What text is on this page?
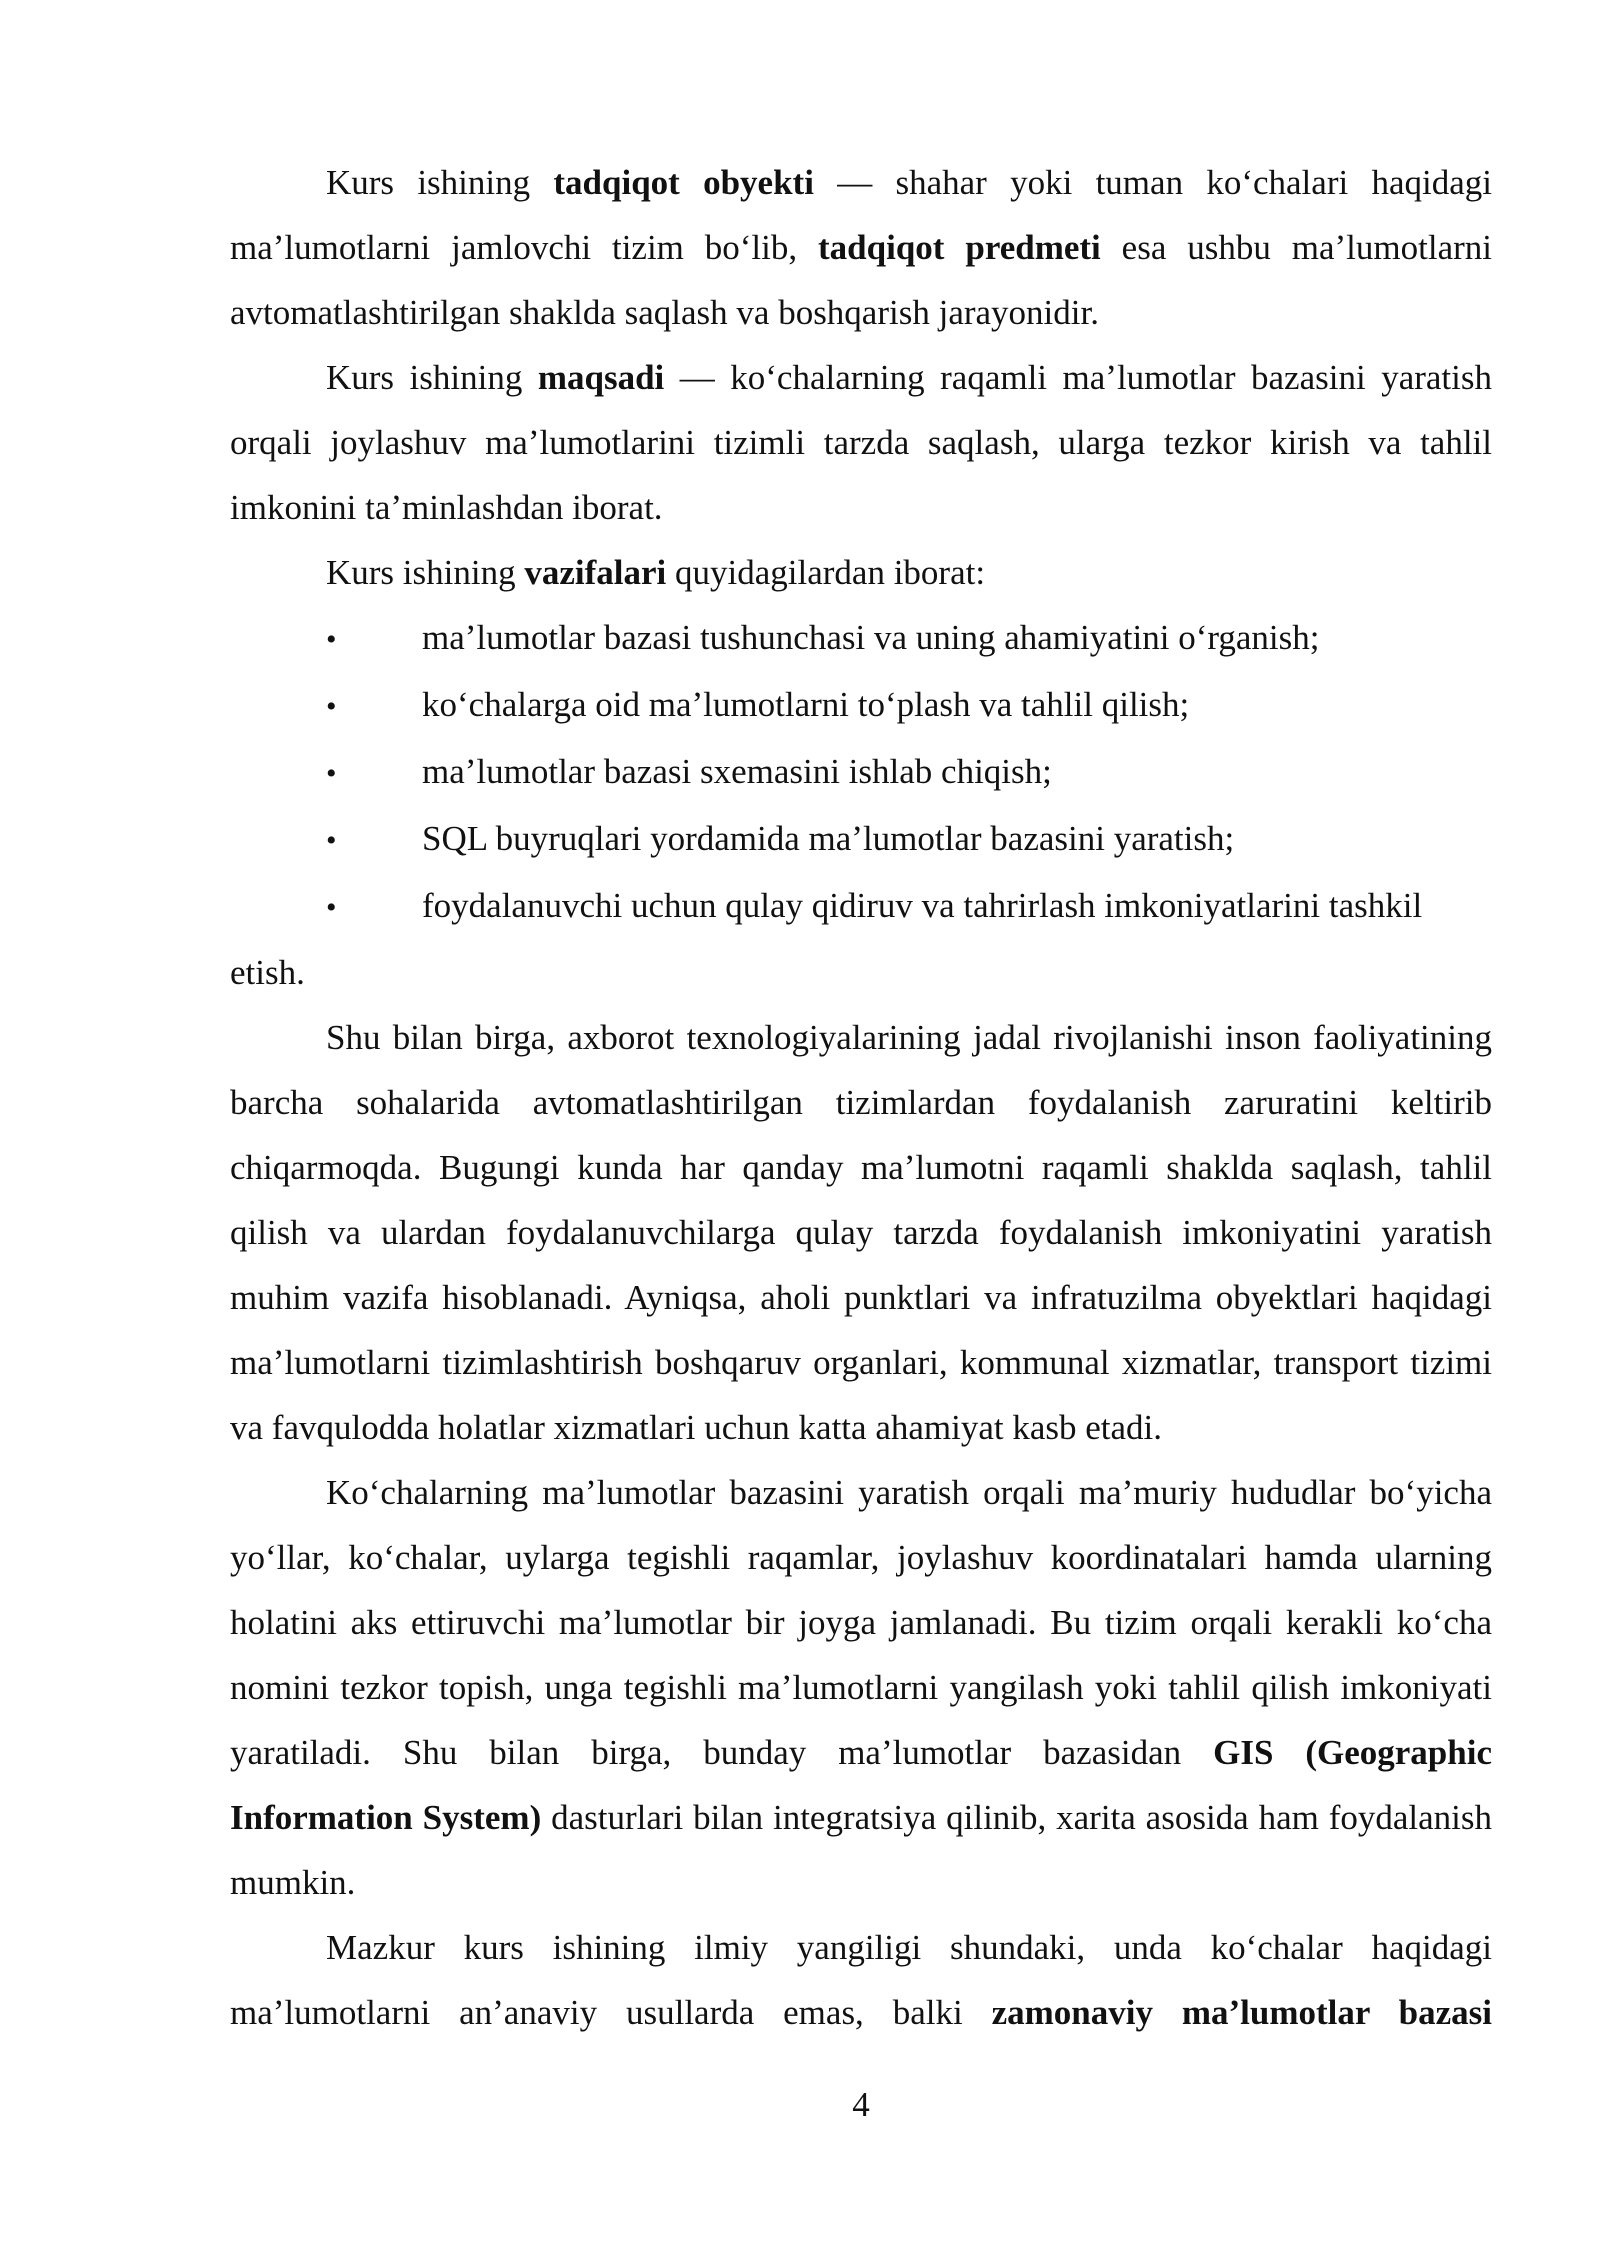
Kurs ishining tadqiqot obyekti — shahar yoki tuman koʻchalari haqidagi maʼlumotlarni jamlovchi tizim boʻlib, tadqiqot predmeti esa ushbu maʼlumotlarni avtomatlashtirilgan shaklda saqlash va boshqarish jarayonidir.

Kurs ishining maqsadi — koʻchalarning raqamli maʼlumotlar bazasini yaratish orqali joylashuv maʼlumotlarini tizimli tarzda saqlash, ularga tezkor kirish va tahlil imkonini taʼminlashdan iborat.

Kurs ishining vazifalari quyidagilardan iborat:

•	maʼlumotlar bazasi tushunchasi va uning ahamiyatini oʻrganish;
•	koʻchalarga oid maʼlumotlarni toʻplash va tahlil qilish;
•	maʼlumotlar bazasi sxemasini ishlab chiqish;
•	SQL buyruqlari yordamida maʼlumotlar bazasini yaratish;
•	foydalanuvchi uchun qulay qidiruv va tahrirlash imkoniyatlarini tashkil

etish.

Shu bilan birga, axborot texnologiyalarining jadal rivojlanishi inson faoliyatining barcha sohalarida avtomatlashtirilgan tizimlardan foydalanish zaruratini keltirib chiqarmoqda. Bugungi kunda har qanday maʼlumotni raqamli shaklda saqlash, tahlil qilish va ulardan foydalanuvchilarga qulay tarzda foydalanish imkoniyatini yaratish muhim vazifa hisoblanadi. Ayniqsa, aholi punktlari va infratuzilma obyektlari haqidagi maʼlumotlarni tizimlashtirish boshqaruv organlari, kommunal xizmatlar, transport tizimi va favqulodda holatlar xizmatlari uchun katta ahamiyat kasb etadi.

Koʻchalarning maʼlumotlar bazasini yaratish orqali maʼmuriy hududlar boʻyicha yoʻllar, koʻchalar, uylarga tegishli raqamlar, joylashuv koordinatalari hamda ularning holatini aks ettiruvchi maʼlumotlar bir joyga jamlanadi. Bu tizim orqali kerakli koʻcha nomini tezkor topish, unga tegishli maʼlumotlarni yangilash yoki tahlil qilish imkoniyati yaratiladi. Shu bilan birga, bunday maʼlumotlar bazasidan GIS (Geographic Information System) dasturlari bilan integratsiya qilinib, xarita asosida ham foydalanish mumkin.

Mazkur kurs ishining ilmiy yangiligi shundaki, unda koʻchalar haqidagi maʼlumotlarni anʼanaviy usullarda emas, balki zamonaviy maʼlumotlar bazasi

4
